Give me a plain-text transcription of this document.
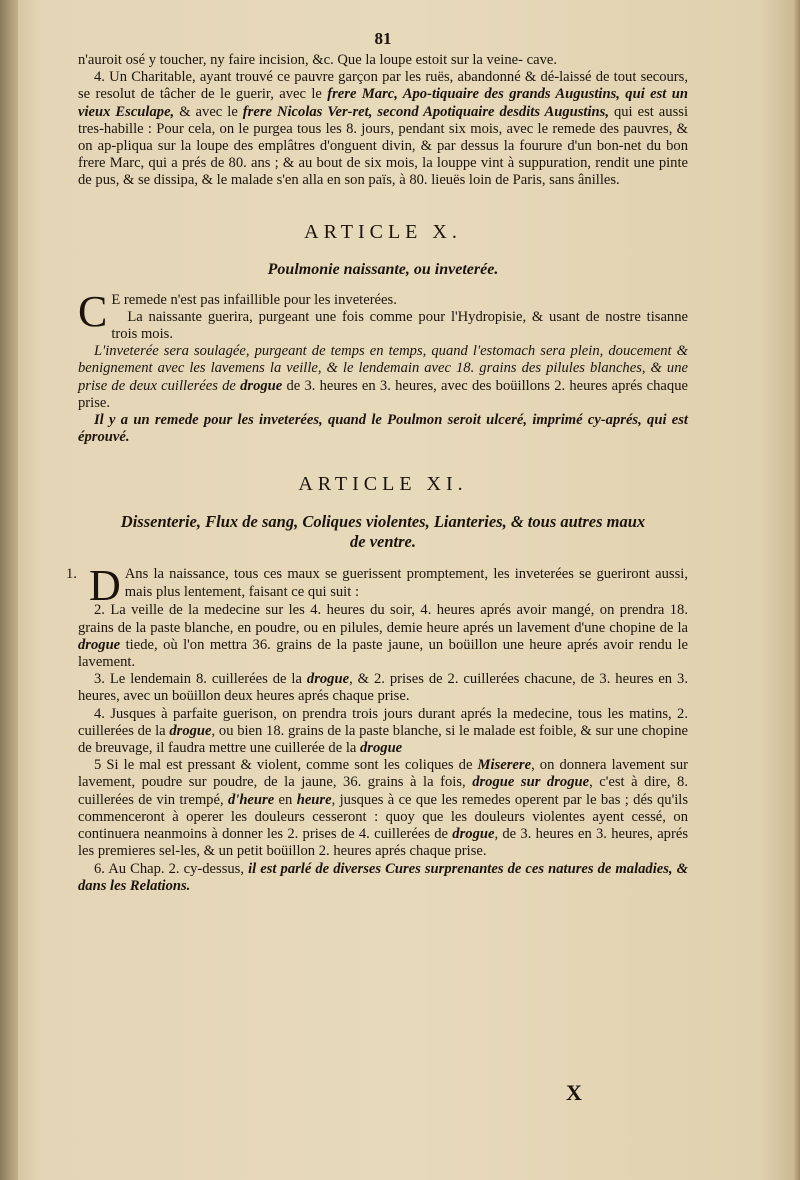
81

n'auroit osé y toucher, ny faire incision, &c. Que la loupe estoit sur la veine- cave.

4. Un Charitable, ayant trouvé ce pauvre garçon par les ruës, abandonné & dé-laissé de tout secours, se resolut de tâcher de le guerir, avec le frere Marc, Apo-tiquaire des grands Augustins, qui est un vieux Esculape, & avec le frere Nicolas Ver-ret, second Apotiquaire desdits Augustins, qui est aussi tres-habille : Pour cela, on le purgea tous les 8. jours, pendant six mois, avec le remede des pauvres, & on ap-pliqua sur la loupe des emplâtres d'onguent divin, & par dessus la fourure d'un bon-net du bon frere Marc, qui a prés de 80. ans ; & au bout de six mois, la louppe vint à suppuration, rendit une pinte de pus, & se dissipa, & le malade s'en alla en son païs, à 80. lieuës loin de Paris, sans ânilles.

ARTICLE X.
Poulmonie naissante, ou inveterée.
C E remede n'est pas infaillible pour les inveterées.

La naissante guerira, purgeant une fois comme pour l'Hydropisie, & usant de nostre tisanne trois mois.

L'inveterée sera soulagée, purgeant de temps en temps, quand l'estomach sera plein, doucement & benignement avec les lavemens la veille, & le lendemain avec 18. grains des pilules blanches, & une prise de deux cuillerées de drogue de 3. heures en 3. heures, avec des boüillons 2. heures aprés chaque prise.

Il y a un remede pour les inveterées, quand le Poulmon seroit ulceré, imprimé cy-aprés, qui est éprouvé.

ARTICLE XI.
Dissenterie, Flux de sang, Coliques violentes, Lianteries, & tous autres maux de ventre.

1. D Ans la naissance, tous ces maux se guerissent promptement, les inveterées se gueriront aussi, mais plus lentement, faisant ce qui suit :

2. La veille de la medecine sur les 4. heures du soir, 4. heures aprés avoir mangé, on prendra 18. grains de la paste blanche, en poudre, ou en pilules, demie heure aprés un lavement d'une chopine de la drogue tiede, où l'on mettra 36. grains de la paste jaune, un boüillon une heure aprés avoir rendu le lavement.

3. Le lendemain 8. cuillerées de la drogue, & 2. prises de 2. cuillerées chacune, de 3. heures en 3. heures, avec un boüillon deux heures aprés chaque prise.

4. Jusques à parfaite guerison, on prendra trois jours durant aprés la medecine, tous les matins, 2. cuillerées de la drogue, ou bien 18. grains de la paste blanche, si le malade est foible, & sur une chopine de breuvage, il faudra mettre une cuillerée de la drogue

5 Si le mal est pressant & violent, comme sont les coliques de Miserere, on donnera lavement sur lavement, poudre sur poudre, de la jaune, 36. grains à la fois, drogue sur drogue, c'est à dire, 8. cuillerées de vin trempé, d'heure en heure, jusques à ce que les remedes operent par le bas ; dés qu'ils commenceront à operer les douleurs cesseront : quoy que les douleurs violentes ayent cessé, on continuera neanmoins à donner les 2. prises de 4. cuillerées de drogue, de 3. heures en 3. heures, aprés les premieres sel-les, & un petit boüillon 2. heures aprés chaque prise.

6. Au Chap. 2. cy-dessus, il est parlé de diverses Cures surprenantes de ces natures de maladies, & dans les Relations.

X
